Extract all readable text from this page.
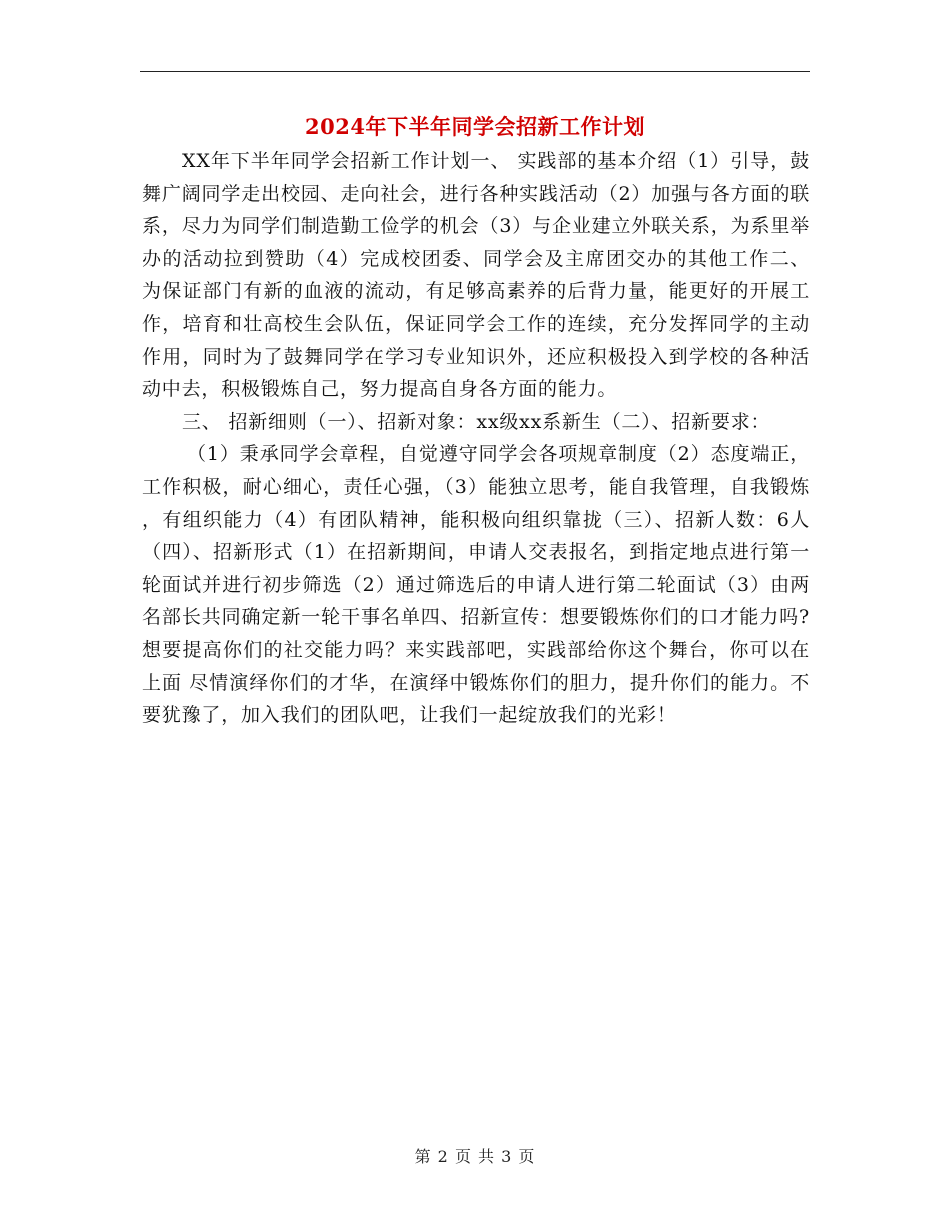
2024年下半年同学会招新工作计划

XX年下半年同学会招新工作计划一、 实践部的基本介绍（1）引导，鼓舞广阔同学走出校园、走向社会，进行各种实践活动（2）加强与各方面的联系，尽力为同学们制造勤工俭学的机会（3）与企业建立外联关系，为系里举办的活动拉到赞助（4）完成校团委、同学会及主席团交办的其他工作二、 为保证部门有新的血液的流动，有足够高素养的后背力量，能更好的开展工作，培育和壮高校生会队伍，保证同学会工作的连续，充分发挥同学的主动作用，同时为了鼓舞同学在学习专业知识外，还应积极投入到学校的各种活动中去，积极锻炼自己，努力提高自身各方面的能力。

三、 招新细则（一）、招新对象：xx级xx系新生（二）、招新要求：

（1）秉承同学会章程，自觉遵守同学会各项规章制度（2）态度端正，工作积极，耐心细心，责任心强，（3）能独立思考，能自我管理，自我锻炼，有组织能力（4）有团队精神，能积极向组织靠拢（三）、招新人数：6人（四）、招新形式（1）在招新期间，申请人交表报名，到指定地点进行第一轮面试并进行初步筛选（2）通过筛选后的申请人进行第二轮面试（3）由两名部长共同确定新一轮干事名单四、招新宣传：想要锻炼你们的口才能力吗?想要提高你们的社交能力吗？来实践部吧，实践部给你这个舞台，你可以在上面 尽情演绎你们的才华，在演绎中锻炼你们的胆力，提升你们的能力。不要犹豫了，加入我们的团队吧，让我们一起绽放我们的光彩！

第 2 页 共 3 页
